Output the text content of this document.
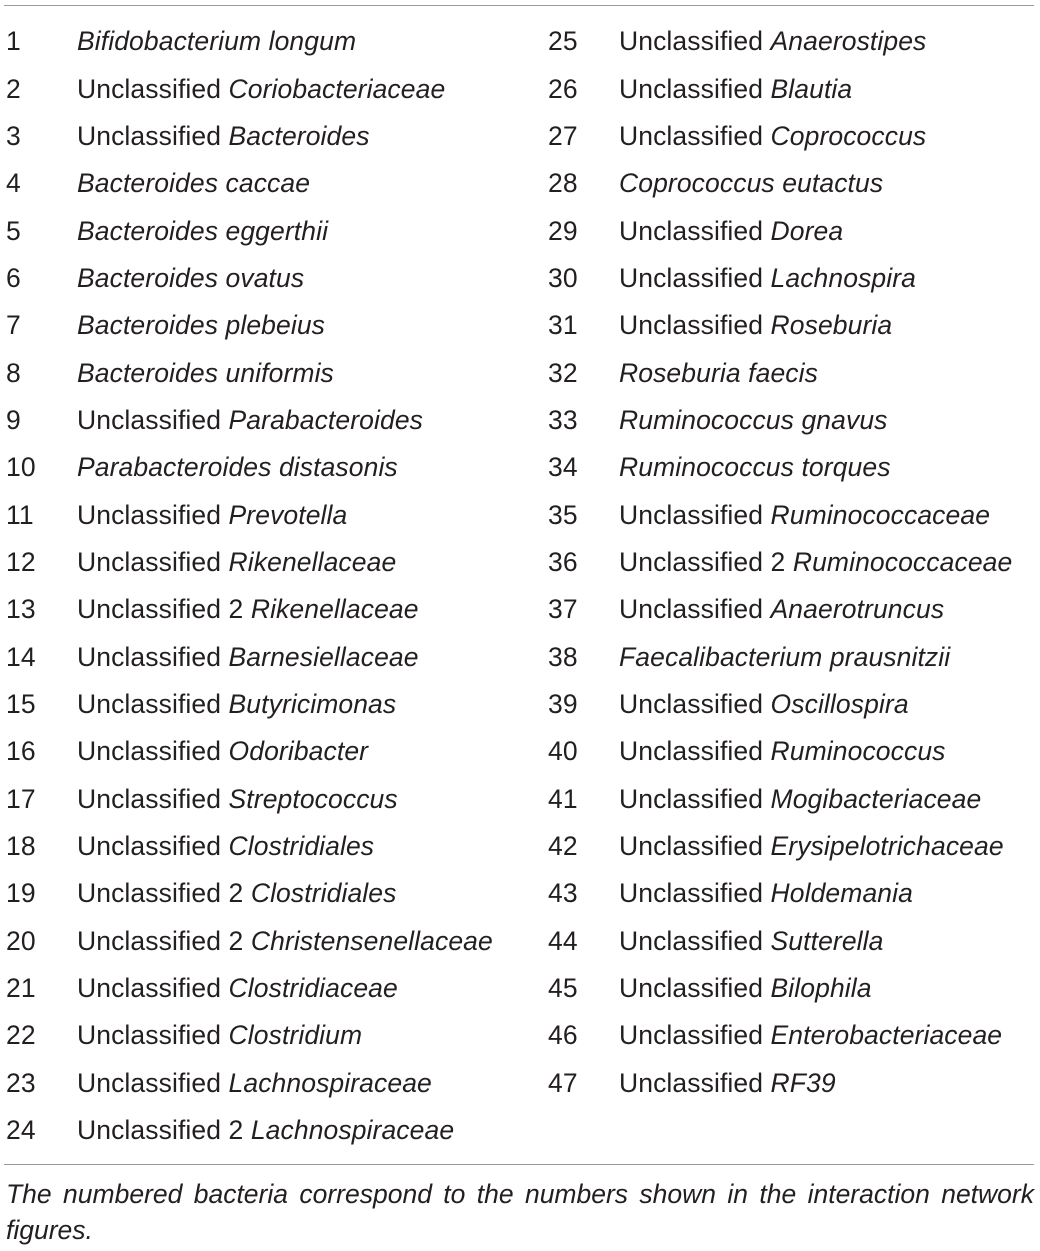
1	Bifidobacterium longum
2	Unclassified Coriobacteriaceae
3	Unclassified Bacteroides
4	Bacteroides caccae
5	Bacteroides eggerthii
6	Bacteroides ovatus
7	Bacteroides plebeius
8	Bacteroides uniformis
9	Unclassified Parabacteroides
10	Parabacteroides distasonis
11	Unclassified Prevotella
12	Unclassified Rikenellaceae
13	Unclassified 2 Rikenellaceae
14	Unclassified Barnesiellaceae
15	Unclassified Butyricimonas
16	Unclassified Odoribacter
17	Unclassified Streptococcus
18	Unclassified Clostridiales
19	Unclassified 2 Clostridiales
20	Unclassified 2 Christensenellaceae
21	Unclassified Clostridiaceae
22	Unclassified Clostridium
23	Unclassified Lachnospiraceae
24	Unclassified 2 Lachnospiraceae
25	Unclassified Anaerostipes
26	Unclassified Blautia
27	Unclassified Coprococcus
28	Coprococcus eutactus
29	Unclassified Dorea
30	Unclassified Lachnospira
31	Unclassified Roseburia
32	Roseburia faecis
33	Ruminococcus gnavus
34	Ruminococcus torques
35	Unclassified Ruminococcaceae
36	Unclassified 2 Ruminococcaceae
37	Unclassified Anaerotruncus
38	Faecalibacterium prausnitzii
39	Unclassified Oscillospira
40	Unclassified Ruminococcus
41	Unclassified Mogibacteriaceae
42	Unclassified Erysipelotrichaceae
43	Unclassified Holdemania
44	Unclassified Sutterella
45	Unclassified Bilophila
46	Unclassified Enterobacteriaceae
47	Unclassified RF39
The numbered bacteria correspond to the numbers shown in the interaction network figures.
